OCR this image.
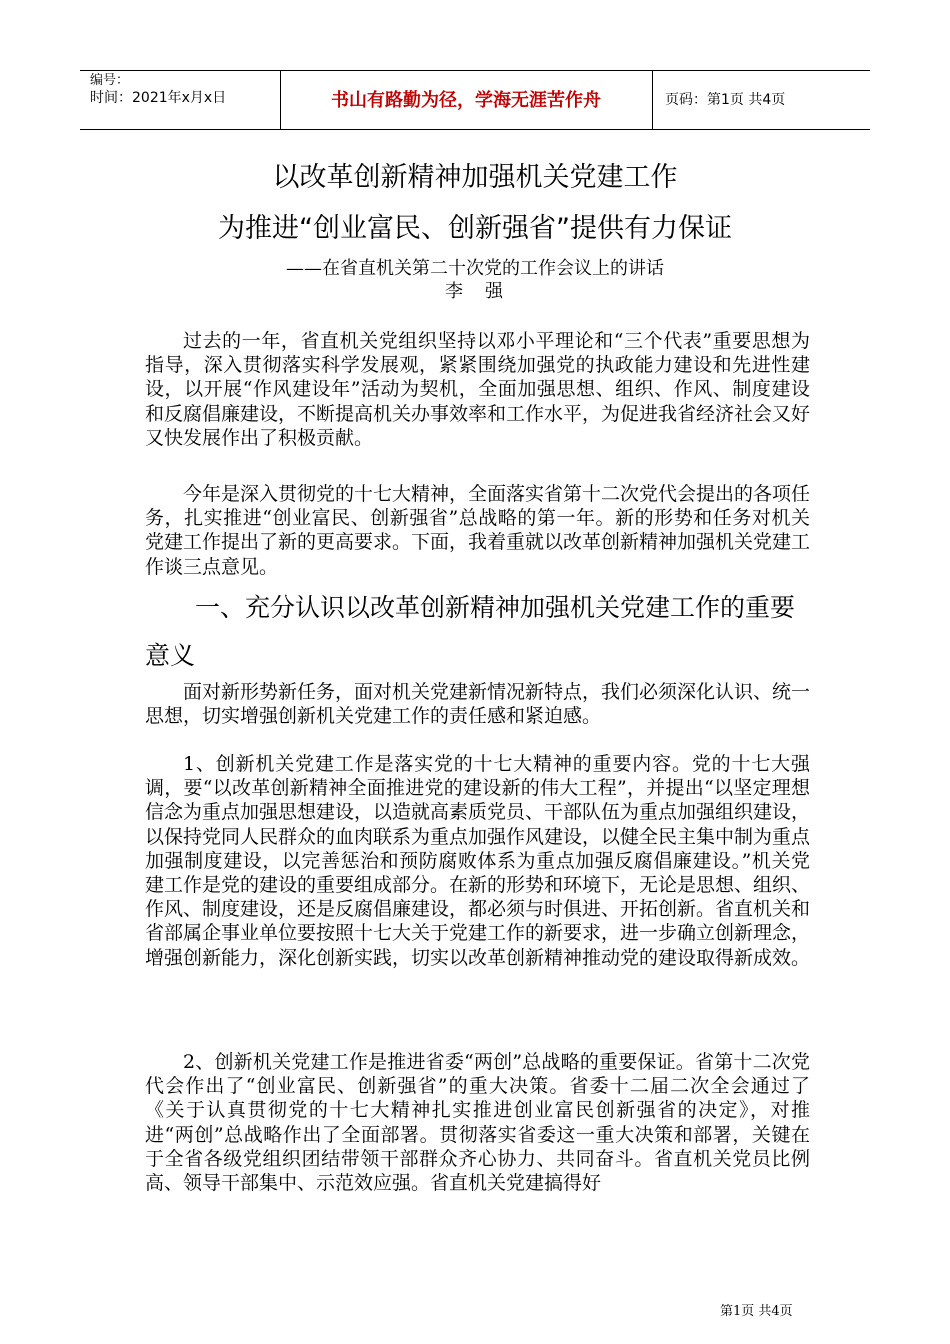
编号：
时间：2021年x月x日	书山有路勤为径，学海无涯苦作舟	页码：第1页 共4页
以改革创新精神加强机关党建工作
为推进“创业富民、创新强省”提供有力保证
——在省直机关第二十次党的工作会议上的讲话
李　强

过去的一年，省直机关党组织坚持以邓小平理论和“三个代表”重要思想为指导，深入贯彻落实科学发展观，紧紧围绕加强党的执政能力建设和先进性建设，以开展“作风建设年”活动为契机，全面加强思想、组织、作风、制度建设和反腐倡廉建设，不断提高机关办事效率和工作水平，为促进我省经济社会又好又快发展作出了积极贡献。

今年是深入贯彻党的十七大精神，全面落实省第十二次党代会提出的各项任务，扎实推进“创业富民、创新强省”总战略的第一年。新的形势和任务对机关党建工作提出了新的更高要求。下面，我着重就以改革创新精神加强机关党建工作谈三点意见。

一、充分认识以改革创新精神加强机关党建工作的重要意义

面对新形势新任务，面对机关党建新情况新特点，我们必须深化认识、统一思想，切实增强创新机关党建工作的责任感和紧迫感。

1、创新机关党建工作是落实党的十七大精神的重要内容。党的十七大强调，要“以改革创新精神全面推进党的建设新的伟大工程”，并提出“以坚定理想信念为重点加强思想建设，以造就高素质党员、干部队伍为重点加强组织建设，以保持党同人民群众的血肉联系为重点加强作风建设，以健全民主集中制为重点加强制度建设，以完善惩治和预防腐败体系为重点加强反腐倡廉建设。”机关党建工作是党的建设的重要组成部分。在新的形势和环境下，无论是思想、组织、作风、制度建设，还是反腐倡廉建设，都必须与时俱进、开拓创新。省直机关和省部属企事业单位要按照十七大关于党建工作的新要求，进一步确立创新理念，增强创新能力，深化创新实践，切实以改革创新精神推动党的建设取得新成效。

2、创新机关党建工作是推进省委“两创”总战略的重要保证。省第十二次党代会作出了“创业富民、创新强省”的重大决策。省委十二届二次全会通过了《关于认真贯彻党的十七大精神扎实推进创业富民创新强省的决定》，对推进“两创”总战略作出了全面部署。贯彻落实省委这一重大决策和部署，关键在于全省各级党组织团结带领干部群众齐心协力、共同奋斗。省直机关党员比例高、领导干部集中、示范效应强。省直机关党建搞得好

第1页 共4页
